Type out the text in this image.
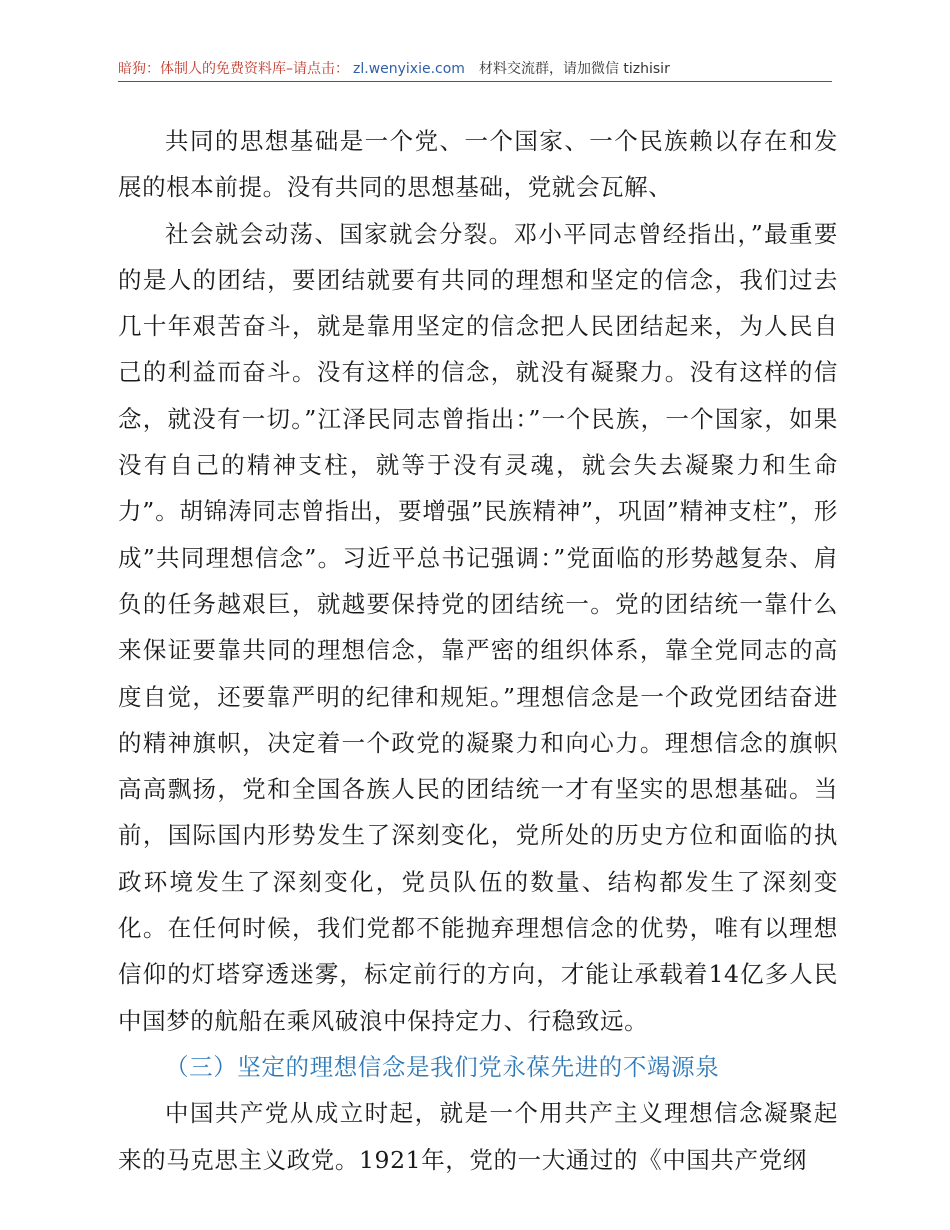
暗狗：体制人的免费资料库 –请点击： zl.wenyixie.com 材料交流群，请加微信 tizhisir

共同的思想基础是一个党、一个国家、一个民族赖以存在和发展的根本前提。没有共同的思想基础，党就会瓦解、

社会就会动荡、国家就会分裂。邓小平同志曾经指出，”最重要的是人的团结，要团结就要有共同的理想和坚定的信念，我们过去几十年艰苦奋斗，就是靠用坚定的信念把人民团结起来，为人民自己的利益而奋斗。没有这样的信念，就没有凝聚力。没有这样的信念，就没有一切。”江泽民同志曾指出：”一个民族，一个国家，如果没有自己的精神支柱，就等于没有灵魂，就会失去凝聚力和生命力”。胡锦涛同志曾指出，要增强”民族精神”，巩固”精神支柱”，形成”共同理想信念”。习近平总书记强调：”党面临的形势越复杂、肩负的任务越艰巨，就越要保持党的团结统一。党的团结统一靠什么来保证要靠共同的理想信念，靠严密的组织体系，靠全党同志的高度自觉，还要靠严明的纪律和规矩。”理想信念是一个政党团结奋进的精神旗帜，决定着一个政党的凝聚力和向心力。理想信念的旗帜高高飘扬，党和全国各族人民的团结统一才有坚实的思想基础。当前，国际国内形势发生了深刻变化，党所处的历史方位和面临的执政环境发生了深刻变化，党员队伍的数量、结构都发生了深刻变化。在任何时候，我们党都不能抛弃理想信念的优势，唯有以理想信仰的灯塔穿透迷雾，标定前行的方向，才能让承载着14亿多人民中国梦的航船在乘风破浪中保持定力、行稳致远。

（三）坚定的理想信念是我们党永葆先进的不竭源泉

中国共产党从成立时起，就是一个用共产主义理想信念凝聚起来的马克思主义政党。1921年，党的一大通过的《中国共产党纲
